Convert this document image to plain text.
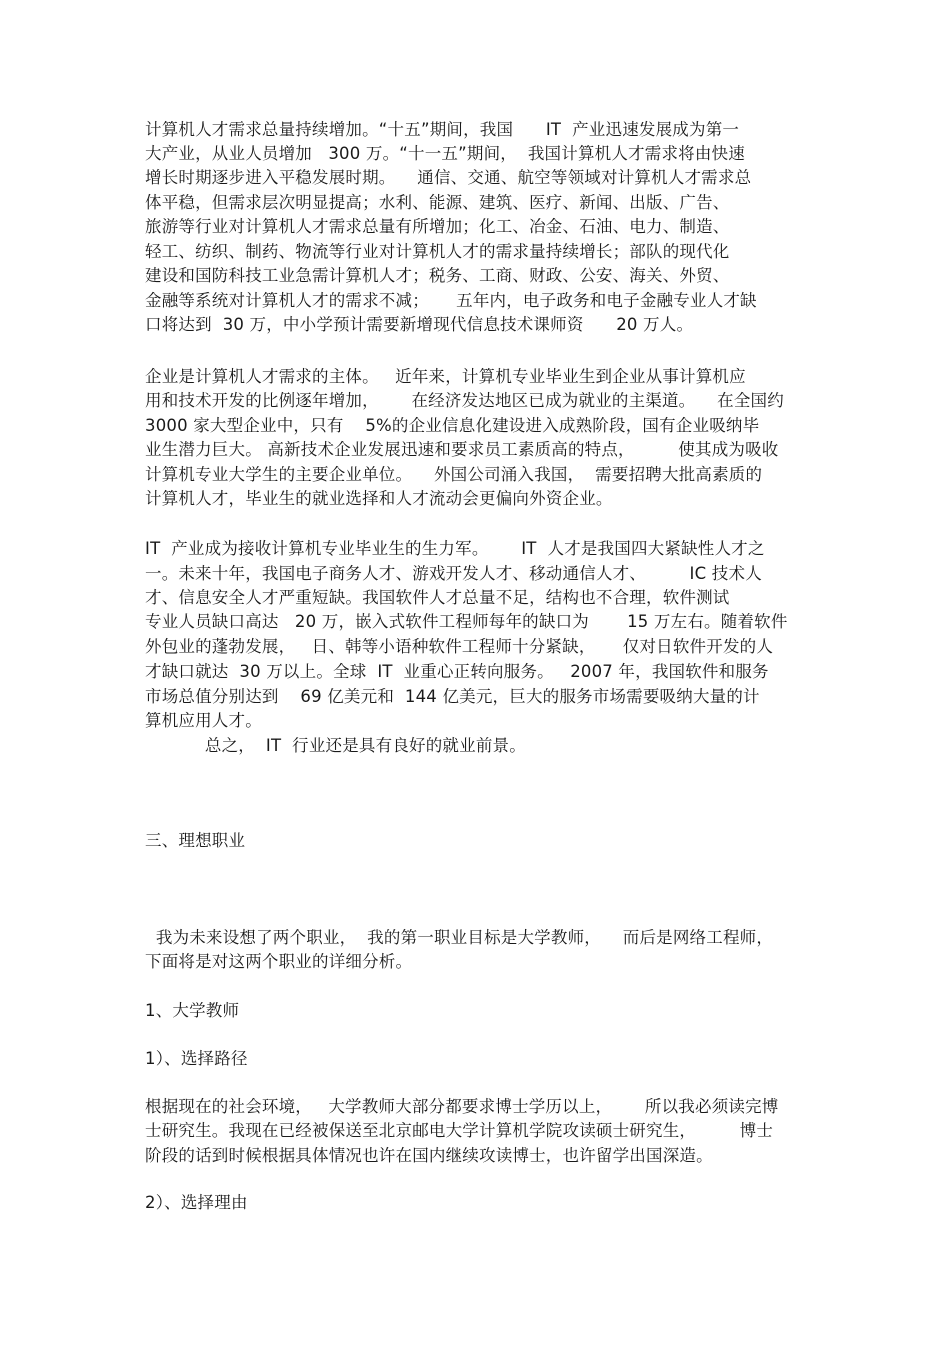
计算机人才需求总量持续增加。“十五”期间，我国      IT  产业迅速发展成为第一
大产业，从业人员增加   300 万。“十一五”期间，  我国计算机人才需求将由快速
增长时期逐步进入平稳发展时期。    通信、交通、航空等领域对计算机人才需求总
体平稳，但需求层次明显提高；水利、能源、建筑、医疗、新闻、出版、广告、
旅游等行业对计算机人才需求总量有所增加；化工、冶金、石油、电力、制造、
轻工、纺织、制药、物流等行业对计算机人才的需求量持续增长；部队的现代化
建设和国防科技工业急需计算机人才；税务、工商、财政、公安、海关、外贸、
金融等系统对计算机人才的需求不减；     五年内，电子政务和电子金融专业人才缺
口将达到  30 万，中小学预计需要新增现代信息技术课师资      20 万人。
企业是计算机人才需求的主体。   近年来，计算机专业毕业生到企业从事计算机应
用和技术开发的比例逐年增加，      在经济发达地区已成为就业的主渠道。    在全国约
3000 家大型企业中，只有    5%的企业信息化建设进入成熟阶段，国有企业吸纳毕
业生潜力巨大。 高新技术企业发展迅速和要求员工素质高的特点，        使其成为吸收
计算机专业大学生的主要企业单位。    外国公司涌入我国，  需要招聘大批高素质的
计算机人才，毕业生的就业选择和人才流动会更偏向外资企业。
IT  产业成为接收计算机专业毕业生的生力军。      IT  人才是我国四大紧缺性人才之
一。未来十年，我国电子商务人才、游戏开发人才、移动通信人才、        IC 技术人
才、信息安全人才严重短缺。我国软件人才总量不足，结构也不合理，软件测试
专业人员缺口高达   20 万，嵌入式软件工程师每年的缺口为       15 万左右。随着软件
外包业的蓬勃发展，   日、韩等小语种软件工程师十分紧缺，     仅对日软件开发的人
才缺口就达  30 万以上。全球  IT  业重心正转向服务。   2007 年，我国软件和服务
市场总值分别达到    69 亿美元和  144 亿美元，巨大的服务市场需要吸纳大量的计
算机应用人才。
总之，  IT  行业还是具有良好的就业前景。
三、理想职业
我为未来设想了两个职业，  我的第一职业目标是大学教师，    而后是网络工程师，
下面将是对这两个职业的详细分析。
1、大学教师
1）、选择路径
根据现在的社会环境，   大学教师大部分都要求博士学历以上，      所以我必须读完博
士研究生。我现在已经被保送至北京邮电大学计算机学院攻读硕士研究生，        博士
阶段的话到时候根据具体情况也许在国内继续攻读博士，也许留学出国深造。
2）、选择理由
